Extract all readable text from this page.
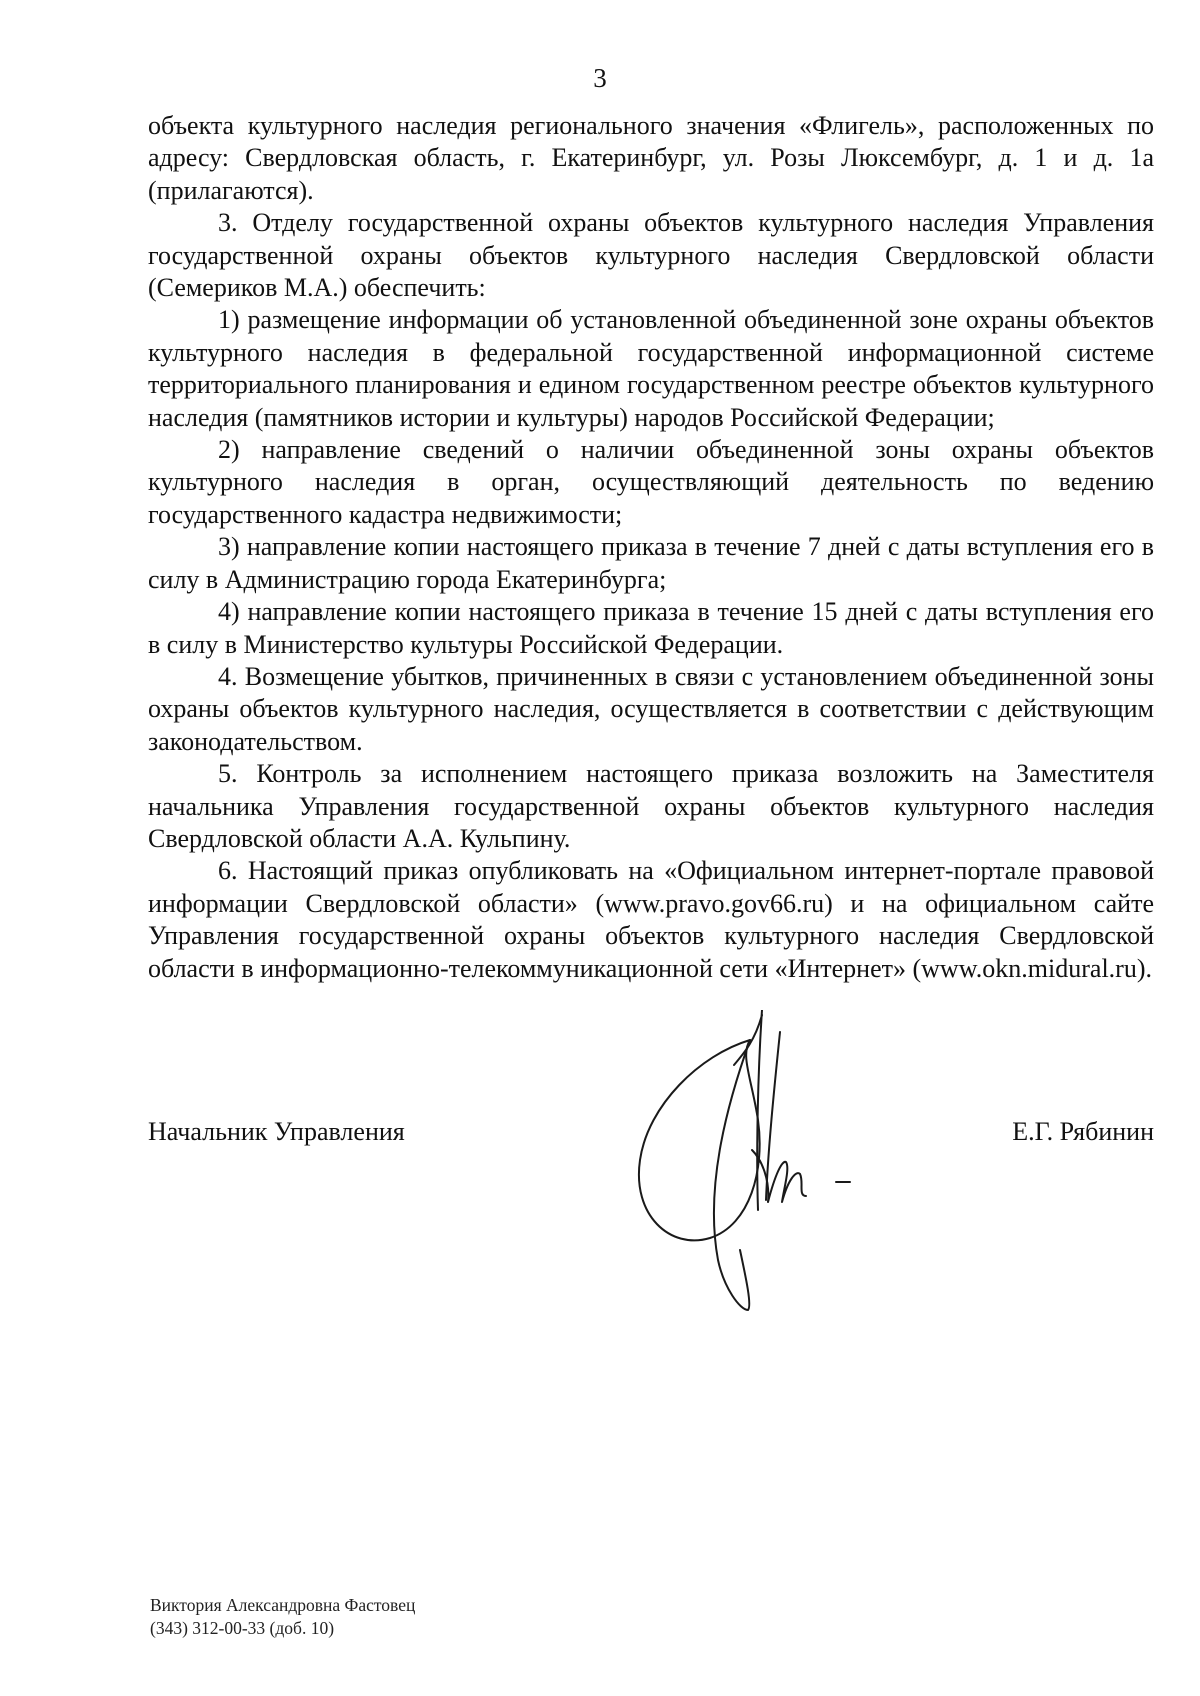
3

объекта культурного наследия регионального значения «Флигель», расположенных по адресу: Свердловская область, г. Екатеринбург, ул. Розы Люксембург, д. 1 и д. 1а (прилагаются).

3. Отделу государственной охраны объектов культурного наследия Управления государственной охраны объектов культурного наследия Свердловской области (Семериков М.А.) обеспечить:

1) размещение информации об установленной объединенной зоне охраны объектов культурного наследия в федеральной государственной информационной системе территориального планирования и едином государственном реестре объектов культурного наследия (памятников истории и культуры) народов Российской Федерации;

2) направление сведений о наличии объединенной зоны охраны объектов культурного наследия в орган, осуществляющий деятельность по ведению государственного кадастра недвижимости;

3) направление копии настоящего приказа в течение 7 дней с даты вступления его в силу в Администрацию города Екатеринбурга;

4) направление копии настоящего приказа в течение 15 дней с даты вступления его в силу в Министерство культуры Российской Федерации.

4. Возмещение убытков, причиненных в связи с установлением объединенной зоны охраны объектов культурного наследия, осуществляется в соответствии с действующим законодательством.

5. Контроль за исполнением настоящего приказа возложить на Заместителя начальника Управления государственной охраны объектов культурного наследия Свердловской области А.А. Кульпину.

6. Настоящий приказ опубликовать на «Официальном интернет-портале правовой информации Свердловской области» (www.pravo.gov66.ru) и на официальном сайте Управления государственной охраны объектов культурного наследия Свердловской области в информационно-телекоммуникационной сети «Интернет» (www.okn.midural.ru).

Начальник Управления	Е.Г. Рябинин
Виктория Александровна Фастовец
(343) 312-00-33 (доб. 10)
